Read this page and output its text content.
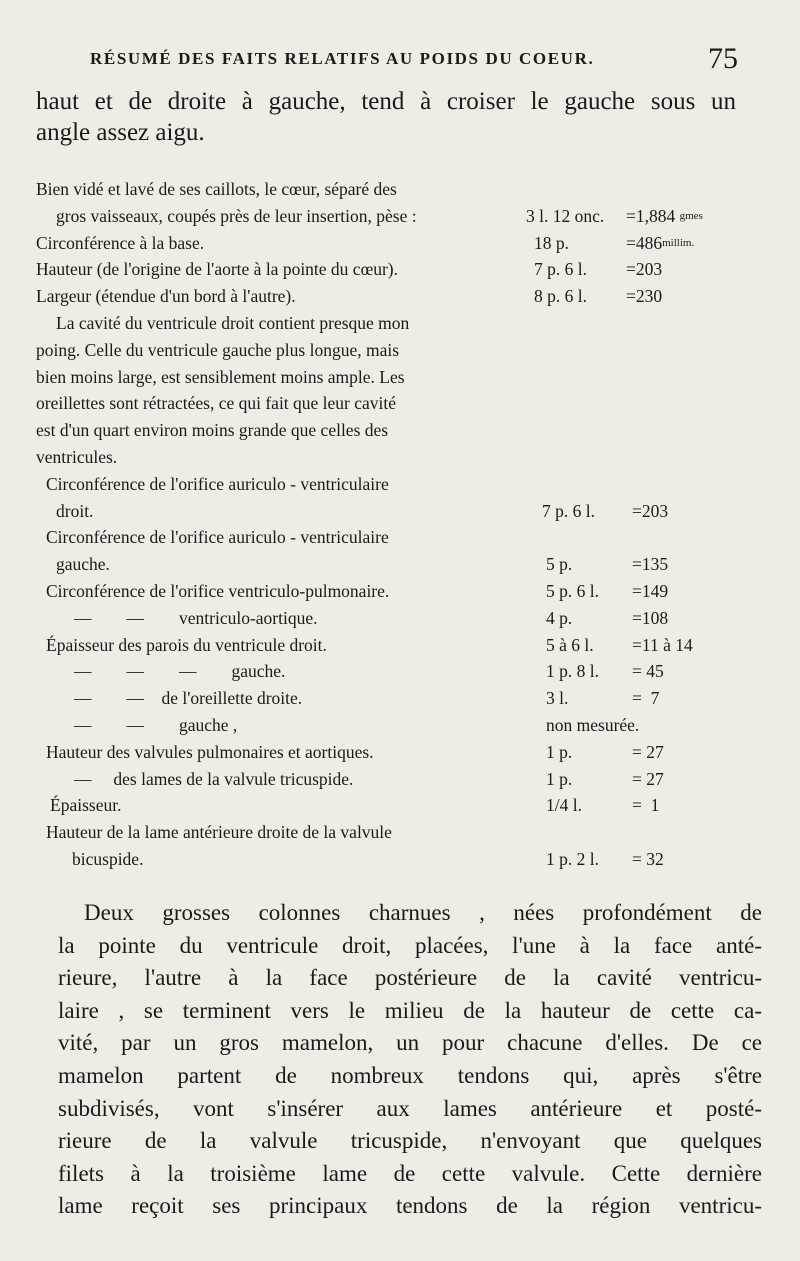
RÉSUMÉ DES FAITS RELATIFS AU POIDS DU COEUR.	75
haut et de droite à gauche, tend à croiser le gauche sous un
angle assez aigu.
Bien vidé et lavé de ses caillots, le cœur, séparé des
gros vaisseaux, coupés près de leur insertion, pèse :	3 l. 12 onc. =1,884 gmes
Circonférence à la base.	18 p.	=486millim.
Hauteur (de l'origine de l'aorte à la pointe du cœur).	7 p. 6 l. =203
Largeur (étendue d'un bord à l'autre).	8 p. 6 l. =230
La cavité du ventricule droit contient presque mon
poing. Celle du ventricule gauche plus longue, mais
bien moins large, est sensiblement moins ample. Les
oreillettes sont rétractées, ce qui fait que leur cavité
est d'un quart environ moins grande que celles des
ventricules.
Circonférence de l'orifice auriculo - ventriculaire
droit.	7 p. 6 l. =203
Circonférence de l'orifice auriculo - ventriculaire
gauche.	5 p.	=135
Circonférence de l'orifice ventriculo-pulmonaire.	5 p. 6 l. =149
—        —        ventriculo-aortique.	4 p.	=108
Épaisseur des parois du ventricule droit.	5 à 6 l. =11 à 14
—        —        —        gauche.	1 p. 8 l. = 45
—        —    de l'oreillette droite.	3 l.	=  7
—        —        gauche ,	non mesurée.
Hauteur des valvules pulmonaires et aortiques.	1 p.	= 27
—     des lames de la valvule tricuspide.	1 p.	= 27
Épaisseur.	1/4 l.	=  1
Hauteur de la lame antérieure droite de la valvule
bicuspide.	1 p. 2 l. = 32
Deux grosses colonnes charnues , nées profondément de
la pointe du ventricule droit, placées, l'une à la face anté-
rieure, l'autre à la face postérieure de la cavité ventricu-
laire , se terminent vers le milieu de la hauteur de cette ca-
vité, par un gros mamelon, un pour chacune d'elles. De ce
mamelon partent de nombreux tendons qui, après s'être
subdivisés, vont s'insérer aux lames antérieure et posté-
rieure de la valvule tricuspide, n'envoyant que quelques
filets à la troisième lame de cette valvule. Cette dernière
lame reçoit ses principaux tendons de la région ventricu-
